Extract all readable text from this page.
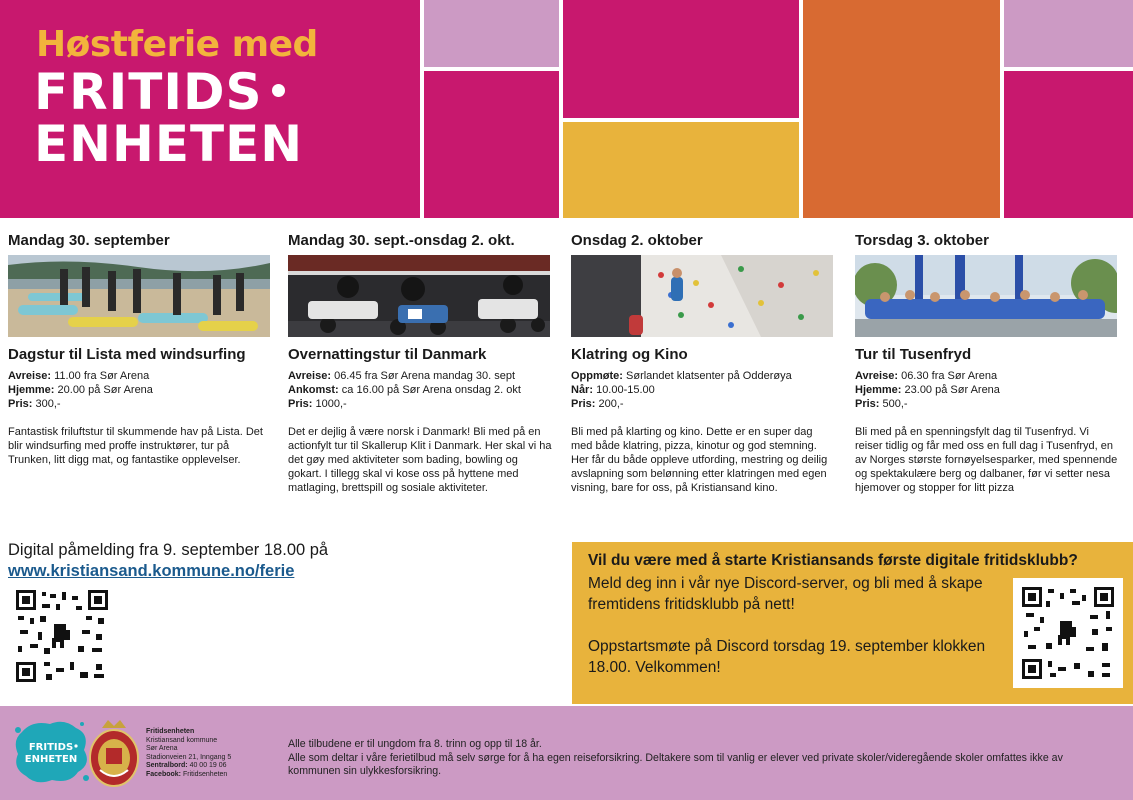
Høstferie med
FRITIDS
ENHETEN
Mandag 30. september
Dagstur til Lista med windsurfing
Avreise: 11.00 fra Sør Arena
Hjemme: 20.00 på Sør Arena
Pris: 300,-
Fantastisk friluftstur til skummende hav på Lista. Det blir windsurfing med proffe instruktører, tur på Trunken, litt digg mat, og fantastike opplevelser.
Mandag 30. sept.-onsdag 2. okt.
Overnattingstur til Danmark
Avreise: 06.45 fra Sør Arena mandag 30. sept
Ankomst: ca 16.00 på Sør Arena onsdag 2. okt
Pris: 1000,-
Det er dejlig å være norsk i Danmark! Bli med på en actionfylt tur til Skallerup Klit i Danmark. Her skal vi ha det gøy med aktiviteter som bading, bowling og gokart. I tillegg skal vi kose oss på hyttene med matlaging, brettspill og sosiale aktiviteter.
Onsdag 2. oktober
Klatring og Kino
Oppmøte: Sørlandet klatsenter på Odderøya
Når: 10.00-15.00
Pris: 200,-
Bli med på klarting og kino. Dette er en super dag med både klatring, pizza, kinotur og god stemning. Her får du både oppleve utfording, mestring og deilig avslapning som belønning etter klatringen med egen visning, bare for oss, på Kristiansand kino.
Torsdag 3. oktober
Tur til Tusenfryd
Avreise: 06.30 fra Sør Arena
Hjemme: 23.00 på Sør Arena
Pris: 500,-
Bli med på en spenningsfylt dag til Tusenfryd. Vi reiser tidlig og får med oss en full dag i Tusenfryd, en av Norges største fornøyelsesparker, med spennende og spektakulære berg og dalbaner, før vi setter nesa hjemover og stopper for litt pizza
Digital påmelding fra 9. september 18.00 på
www.kristiansand.kommune.no/ferie
Vil du være med å starte Kristiansands første digitale fritidsklubb?
Meld deg inn i vår nye Discord-server, og bli med å skape fremtidens fritidsklubb på nett!
Oppstartsmøte på Discord torsdag 19. september klokken 18.00. Velkommen!
FRITIDS
ENHETEN
Fritidsenheten
Kristiansand kommune
Sør Arena
Stadionveien 21, Inngang 5
Sentralbord: 40 00 19 06
Facebook: Fritidsenheten
Alle tilbudene er til ungdom fra 8. trinn og opp til 18 år.
Alle som deltar i våre ferietilbud må selv sørge for å ha egen reiseforsikring. Deltakere som til vanlig er elever ved private skoler/videregående skoler omfattes ikke av kommunen sin ulykkesforsikring.
